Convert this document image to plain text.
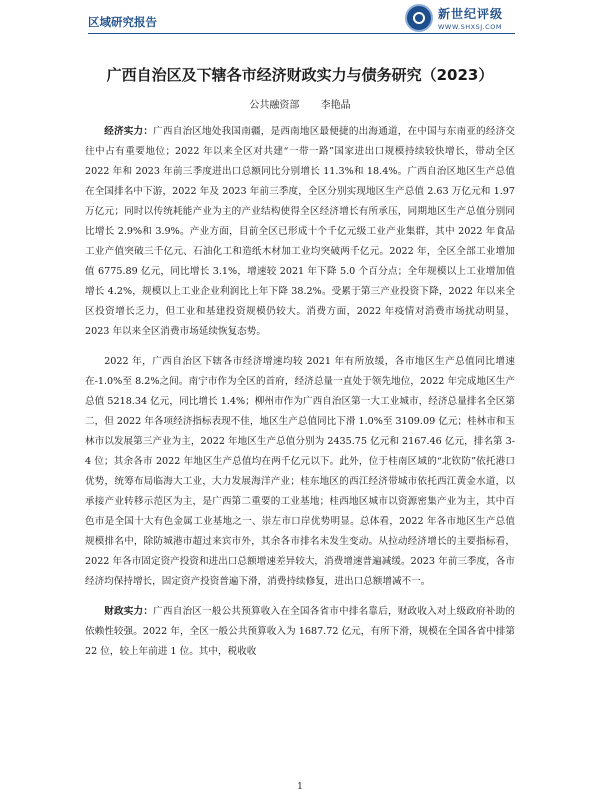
区域研究报告
新世纪评级
WWW.SHXSJ.COM
广西自治区及下辖各市经济财政实力与债务研究（2023）
公共融资部 李艳晶

经济实力：广西自治区地处我国南疆，是西南地区最便捷的出海通道，在中国与东南亚的经济交往中占有重要地位；2022 年以来全区对共建“一带一路”国家进出口规模持续较快增长，带动全区 2022 年和 2023 年前三季度进出口总额同比分别增长 11.3%和 18.4%。广西自治区地区生产总值在全国排名中下游，2022 年及 2023 年前三季度，全区分别实现地区生产总值 2.63 万亿元和 1.97 万亿元；同时以传统耗能产业为主的产业结构使得全区经济增长有所承压，同期地区生产总值分别同比增长 2.9%和 3.9%。产业方面，目前全区已形成十个千亿元级工业产业集群，其中 2022 年食品工业产值突破三千亿元、石油化工和造纸木材加工业均突破两千亿元。2022 年，全区全部工业增加值 6775.89 亿元，同比增长 3.1%，增速较 2021 年下降 5.0 个百分点；全年规模以上工业增加值增长 4.2%，规模以上工业企业利润比上年下降 38.2%。受累于第三产业投资下降，2022 年以来全区投资增长乏力，但工业和基建投资规模仍较大。消费方面，2022 年疫情对消费市场扰动明显，2023 年以来全区消费市场延续恢复态势。

2022 年，广西自治区下辖各市经济增速均较 2021 年有所放缓，各市地区生产总值同比增速在-1.0%至 8.2%之间。南宁市作为全区的首府，经济总量一直处于领先地位，2022 年完成地区生产总值 5218.34 亿元，同比增长 1.4%；柳州市作为广西自治区第一大工业城市，经济总量排名全区第二，但 2022 年各项经济指标表现不佳，地区生产总值同比下滑 1.0%至 3109.09 亿元；桂林市和玉林市以发展第三产业为主，2022 年地区生产总值分别为 2435.75 亿元和 2167.46 亿元，排名第 3-4 位；其余各市 2022 年地区生产总值均在两千亿元以下。此外，位于桂南区域的“北钦防”依托港口优势，统筹布局临海大工业，大力发展海洋产业；桂东地区的西江经济带城市依托西江黄金水道，以承接产业转移示范区为主，是广西第二重要的工业基地；桂西地区城市以资源密集产业为主，其中百色市是全国十大有色金属工业基地之一、崇左市口岸优势明显。总体看，2022 年各市地区生产总值规模排名中，除防城港市超过来宾市外，其余各市排名未发生变动。从拉动经济增长的主要指标看，2022 年各市固定资产投资和进出口总额增速差异较大，消费增速普遍减缓。2023 年前三季度，各市经济均保持增长，固定资产投资普遍下滑，消费持续修复，进出口总额增减不一。

财政实力：广西自治区一般公共预算收入在全国各省市中排名靠后，财政收入对上级政府补助的依赖性较强。2022 年，全区一般公共预算收入为 1687.72 亿元，有所下滑，规模在全国各省中排第 22 位，较上年前进 1 位。其中，税收收

1
